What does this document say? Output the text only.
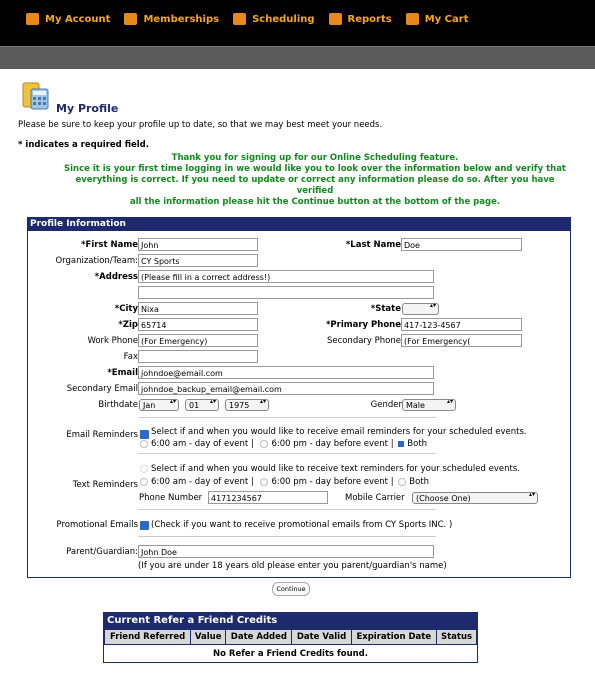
My Account	Memberships	Scheduling	Reports	My Cart
My Profile
Please be sure to keep your profile up to date, so that we may best meet your needs.
* indicates a required field.
Thank you for signing up for our Online Scheduling feature.
Since it is your first time logging in we would like you to look over the information below and verify that
everything is correct. If you need to update or correct any information please do so. After you have verified
all the information please hit the Continue button at the bottom of the page.
Profile Information
*First Name John	*Last Name Doe
Organization/Team: CY Sports
*Address (Please fill in a correct address!)
*City Nixa	*State
▴▾
*Zip 65714	*Primary Phone 417-123-4567
Work Phone (For Emergency)	Secondary Phone (For Emergency(
Fax
*Email johndoe@email.com
Secondary Email johndoe_backup_email@email.com
Birthdate Jan ▴▾	01 ▴▾	1975 ▴▾	Gender Male ▴▾
Email Reminders Select if and when you would like to receive email reminders for your scheduled events.
6:00 am - day of event | 6:00 pm - day before event | Both
Select if and when you would like to receive text reminders for your scheduled events.
Text Reminders	6:00 am - day of event | 6:00 pm - day before event | Both
Phone Number	4171234567	Mobile Carrier	(Choose One) ▴▾
Promotional Emails (Check if you want to receive promotional emails from CY Sports INC. )
Parent/Guardian: John Doe
(If you are under 18 years old please enter you parent/guardian's name)
Continue
Current Refer a Friend Credits
Friend Referred	Value	Date Added	Date Valid	Expiration Date	Status
No Refer a Friend Credits found.
